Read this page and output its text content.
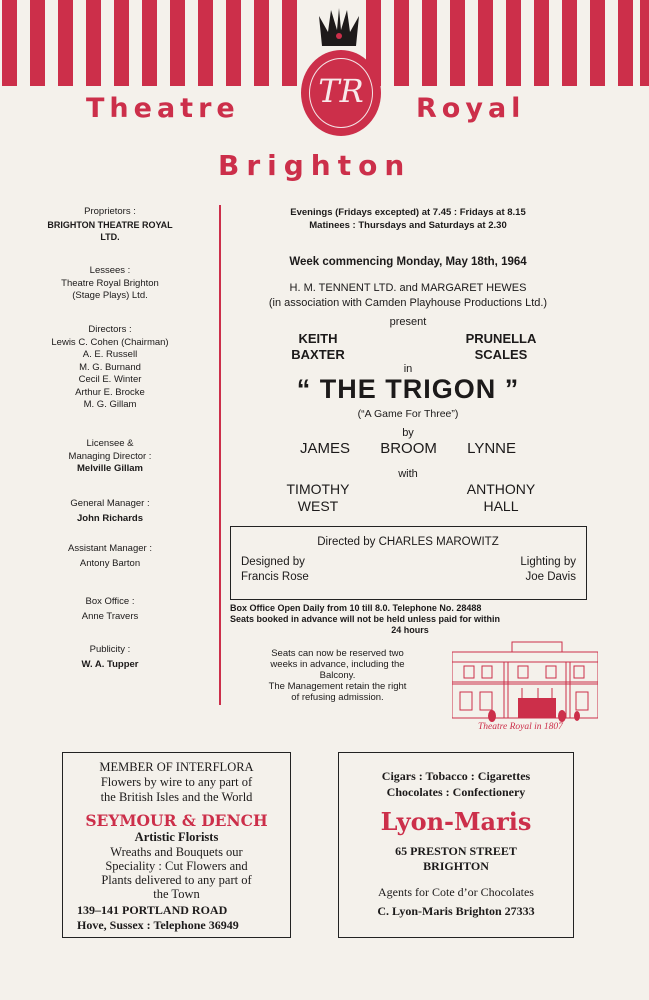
TR
Theatre	Royal
Brighton
Proprietors :
BRIGHTON THEATRE ROYAL
LTD.
Lessees :
Theatre Royal Brighton
(Stage Plays) Ltd.
Directors :
Lewis C. Cohen (Chairman)
A. E. Russell
M. G. Burnand
Cecil E. Winter
Arthur E. Brocke
M. G. Gillam
Licensee &
Managing Director :
Melville Gillam
General Manager :
John Richards
Assistant Manager :
Antony Barton
Box Office :
Anne Travers
Publicity :
W. A. Tupper
Evenings (Fridays excepted) at 7.45 : Fridays at 8.15
Matinees : Thursdays and Saturdays at 2.30
Week commencing Monday, May 18th, 1964
H. M. TENNENT LTD. and MARGARET HEWES
(in association with Camden Playhouse Productions Ltd.)
present
KEITH
BAXTER
PRUNELLA
SCALES
in
“ THE TRIGON ”
(“A Game For Three”)
by
JAMES BROOM LYNNE
with
TIMOTHY
WEST
ANTHONY
HALL
Directed by CHARLES MAROWITZ
Designed by
Francis Rose
Lighting by
Joe Davis
Box Office Open Daily from 10 till 8.0. Telephone No. 28488
Seats booked in advance will not be held unless paid for within
24 hours
Seats can now be reserved two
weeks in advance, including the
Balcony.
The Management retain the right
of refusing admission.
Theatre Royal in 1807
MEMBER OF INTERFLORA
Flowers by wire to any part of
the British Isles and the World
SEYMOUR & DENCH
Artistic Florists
Wreaths and Bouquets our
Speciality : Cut Flowers and
Plants delivered to any part of
the Town
139–141 PORTLAND ROAD
Hove, Sussex : Telephone 36949
Cigars : Tobacco : Cigarettes
Chocolates : Confectionery
Lyon-Maris
65 PRESTON STREET
BRIGHTON
Agents for Cote d’or Chocolates
C. Lyon-Maris Brighton 27333
